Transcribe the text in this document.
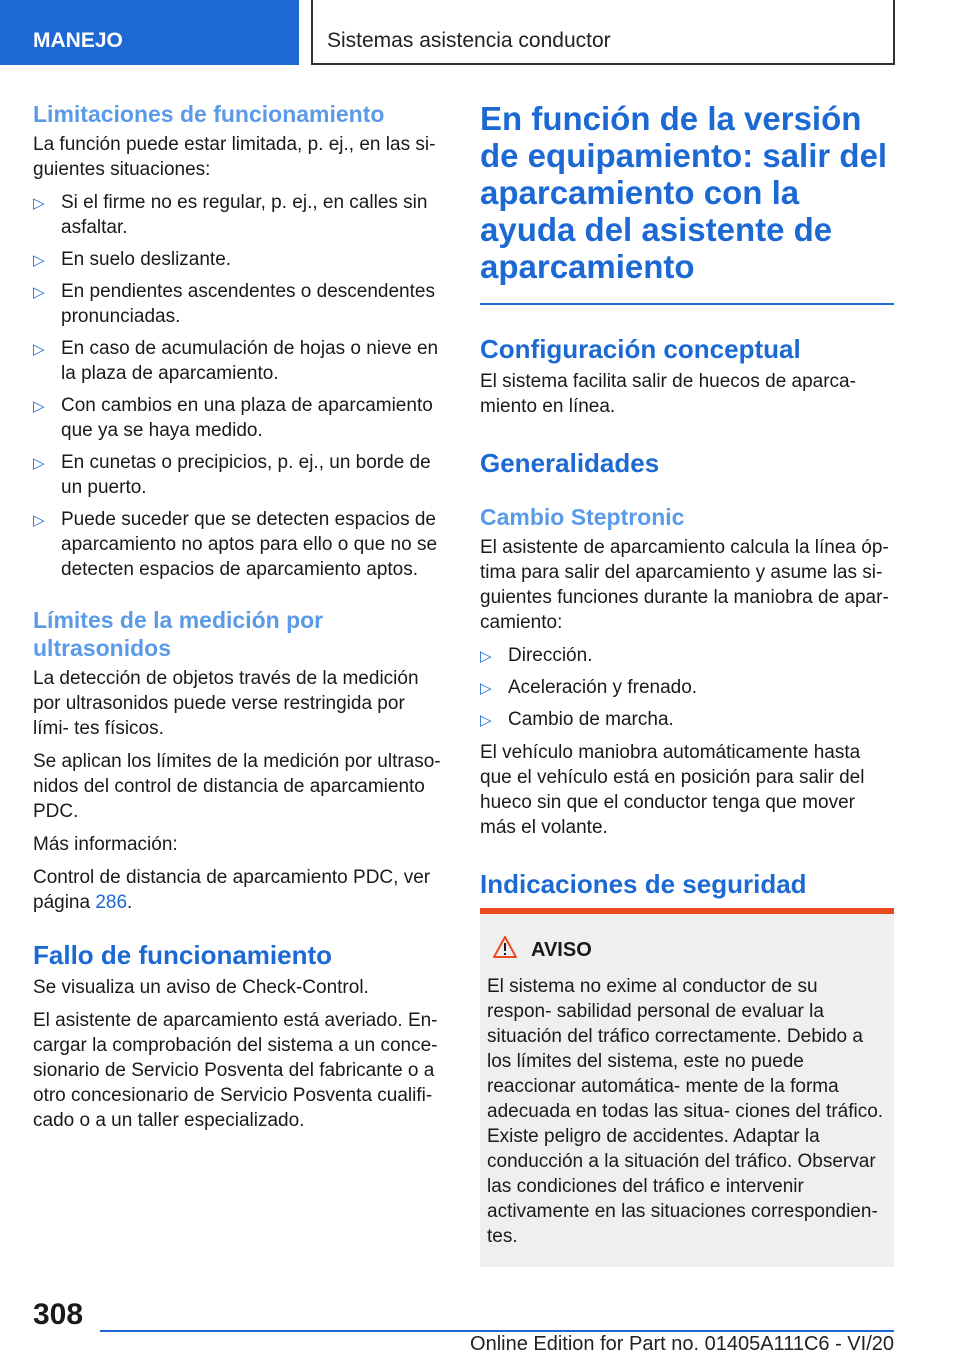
MANEJO	Sistemas asistencia conductor
Limitaciones de funcionamiento

La función puede estar limitada, p. ej., en las si‐ guientes situaciones:

▷ Si el firme no es regular, p. ej., en calles sin asfaltar.
▷ En suelo deslizante.
▷ En pendientes ascendentes o descendentes pronunciadas.
▷ En caso de acumulación de hojas o nieve en la plaza de aparcamiento.
▷ Con cambios en una plaza de aparcamiento que ya se haya medido.
▷ En cunetas o precipicios, p. ej., un borde de un puerto.
▷ Puede suceder que se detecten espacios de aparcamiento no aptos para ello o que no se detecten espacios de aparcamiento aptos.
Límites de la medición por ultrasonidos

La detección de objetos través de la medición por ultrasonidos puede verse restringida por lími‐ tes físicos.

Se aplican los límites de la medición por ultraso‐ nidos del control de distancia de aparcamiento PDC.

Más información:

Control de distancia de aparcamiento PDC, ver página 286.

Fallo de funcionamiento

Se visualiza un aviso de Check-Control.

El asistente de aparcamiento está averiado. En‐ cargar la comprobación del sistema a un conce‐ sionario de Servicio Posventa del fabricante o a otro concesionario de Servicio Posventa cualifi‐ cado o a un taller especializado.

En función de la versión de equipamiento: salir del aparcamiento con la ayuda del asistente de aparcamiento
Configuración conceptual

El sistema facilita salir de huecos de aparca‐ miento en línea.

Generalidades
Cambio Steptronic

El asistente de aparcamiento calcula la línea óp‐ tima para salir del aparcamiento y asume las si‐ guientes funciones durante la maniobra de apar‐ camiento:

▷ Dirección.
▷ Aceleración y frenado.
▷ Cambio de marcha.

El vehículo maniobra automáticamente hasta que el vehículo está en posición para salir del hueco sin que el conductor tenga que mover más el volante.

Indicaciones de seguridad
AVISO

El sistema no exime al conductor de su respon‐ sabilidad personal de evaluar la situación del tráfico correctamente. Debido a los límites del sistema, este no puede reaccionar automática‐ mente de la forma adecuada en todas las situa‐ ciones del tráfico. Existe peligro de accidentes. Adaptar la conducción a la situación del tráfico. Observar las condiciones del tráfico e intervenir activamente en las situaciones correspondien‐ tes.

308
Online Edition for Part no. 01405A111C6 - VI/20
